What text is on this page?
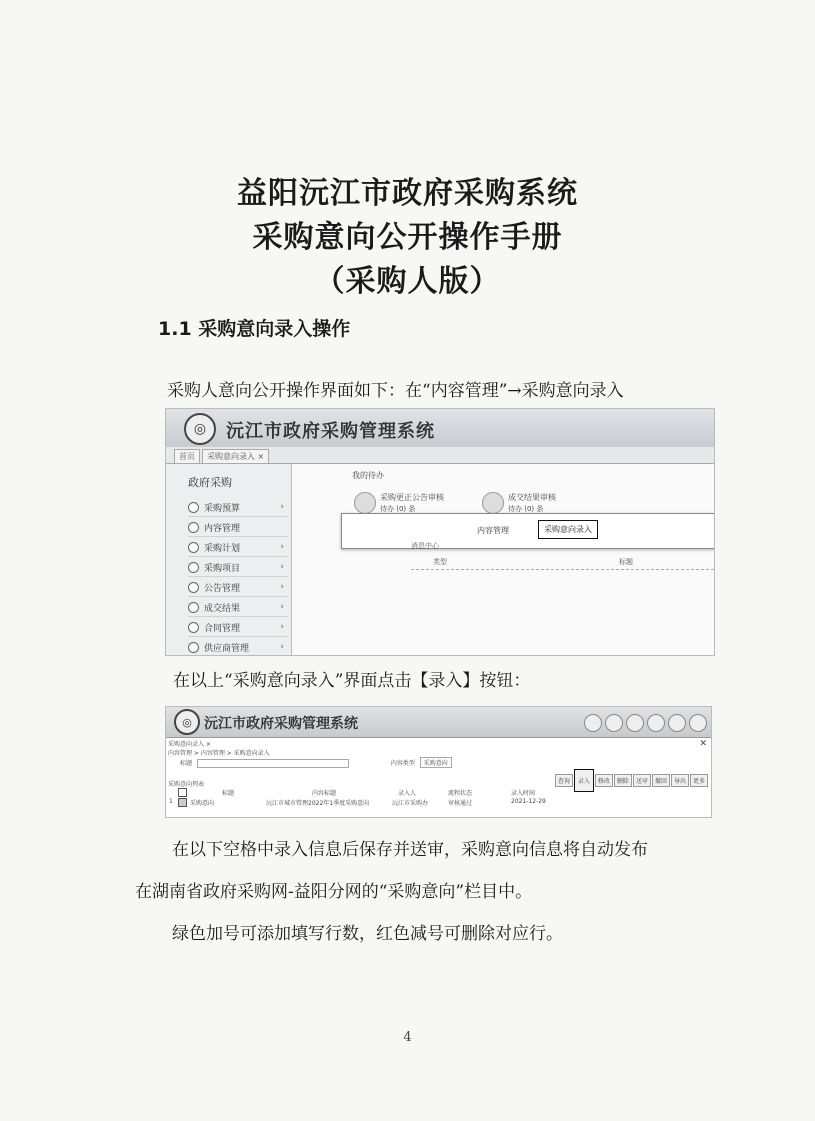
益阳沅江市政府采购系统
采购意向公开操作手册
（采购人版）
1.1 采购意向录入操作
采购人意向公开操作界面如下：在“内容管理”→采购意向录入
◎	沅江市政府采购管理系统
首页	采购意向录入 ×
政府采购
采购预算	›
内容管理
采购计划	›
采购项目	›
公告管理	›
成交结果	›
合同管理	›
供应商管理	›
我的待办
采购更正公告审核
待办 (0) 条
成交结果审核
待办 (0) 条
内容管理	采购意向录入
消息中心
类型	标题
在以上“采购意向录入”界面点击【录入】按钮：
◎ 沅江市政府采购管理系统
采购意向录入 ×	✕
内容管理 > 内容管理 > 采购意向录入
标题	内容类型 采购意向
查询 录入 修改 删除 送审 撤回 导出 更多
采购意向列表
标题	内容标题	录入人	流程状态	录入时间
1	采购意向	沅江市城市管理2022年1季度采购意向	沅江市采购办	审核通过	2021-12-29
在以下空格中录入信息后保存并送审，采购意向信息将自动发布
在湖南省政府采购网-益阳分网的“采购意向”栏目中。
绿色加号可添加填写行数，红色减号可删除对应行。
4
